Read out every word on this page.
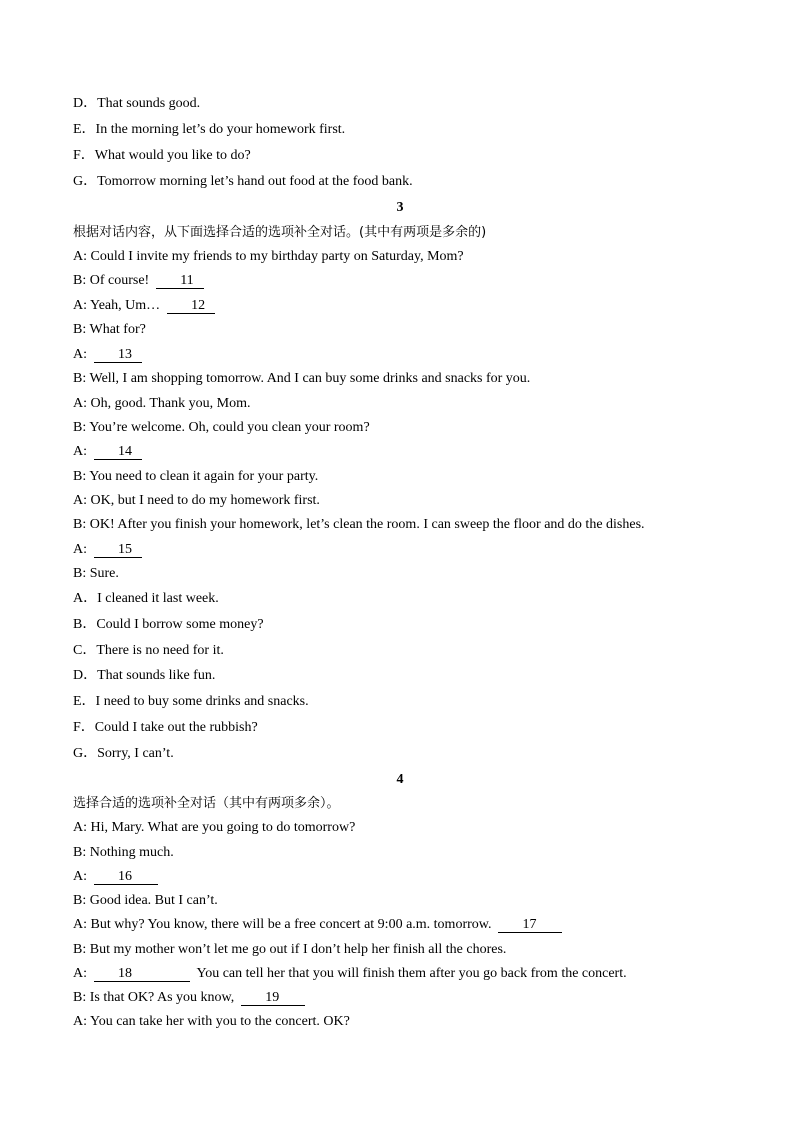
D．That sounds good.
E．In the morning let’s do your homework first.
F．What would you like to do?
G．Tomorrow morning let’s hand out food at the food bank.
3
根据对话内容，从下面选择合适的选项补全对话。(其中有两项是多余的)
A: Could I invite my friends to my birthday party on Saturday, Mom?
B: Of course!  11
A: Yeah, Um…  12
B: What for?
A:  13
B: Well, I am shopping tomorrow. And I can buy some drinks and snacks for you.
A: Oh, good. Thank you, Mom.
B: You’re welcome. Oh, could you clean your room?
A:  14
B: You need to clean it again for your party.
A: OK, but I need to do my homework first.
B: OK! After you finish your homework, let’s clean the room. I can sweep the floor and do the dishes.
A:  15
B: Sure.
A．I cleaned it last week.
B．Could I borrow some money?
C．There is no need for it.
D．That sounds like fun.
E．I need to buy some drinks and snacks.
F．Could I take out the rubbish?
G．Sorry, I can’t.
4
选择合适的选项补全对话（其中有两项多余）。
A: Hi, Mary. What are you going to do tomorrow?
B: Nothing much.
A:  16
B: Good idea. But I can’t.
A: But why? You know, there will be a free concert at 9:00 a.m. tomorrow.  17
B: But my mother won’t let me go out if I don’t help her finish all the chores.
A:  18	You can tell her that you will finish them after you go back from the concert.
B: Is that OK? As you know,  19
A: You can take her with you to the concert. OK?
